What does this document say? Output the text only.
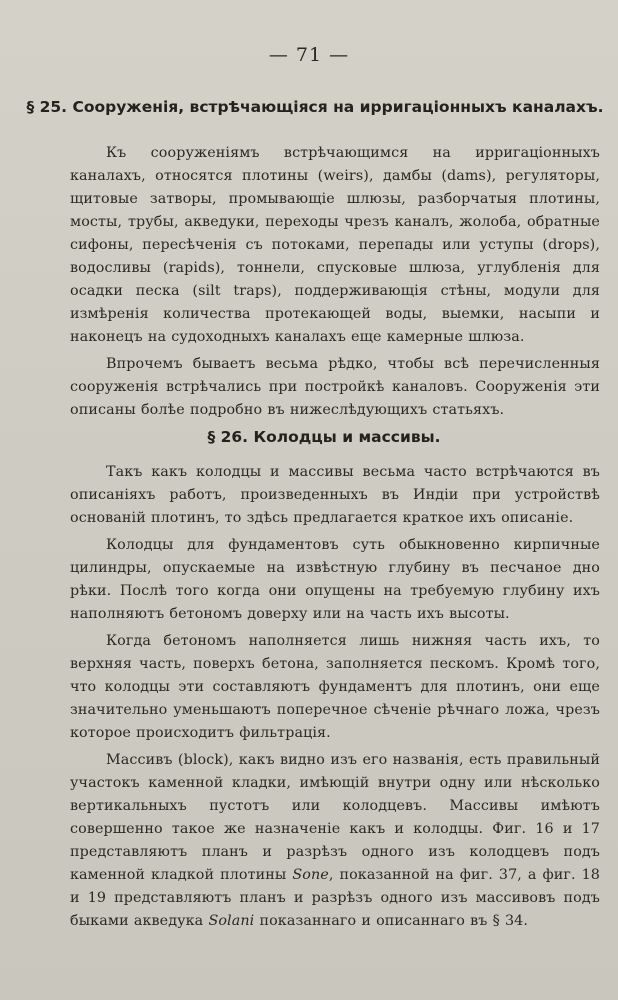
— 71 —
§ 25. Сооруженія, встрѣчающіяся на ирригаціонныхъ каналахъ.

Къ сооруженіямъ встрѣчающимся на ирригаціонныхъ каналахъ, относятся плотины (weirs), дамбы (dams), регуляторы, щитовые затворы, промывающіе шлюзы, разборчатыя плотины, мосты, трубы, акведуки, переходы чрезъ каналъ, жолоба, обратные сифоны, пересѣченія съ потоками, перепады или уступы (drops), водосливы (rapids), тоннели, спусковые шлюза, углубленія для осадки песка (silt traps), поддерживающія стѣны, модули для измѣренія количества протекающей воды, выемки, насыпи и наконецъ на судоходныхъ каналахъ еще камерные шлюза.

Впрочемъ бываетъ весьма рѣдко, чтобы всѣ перечисленныя сооруженія встрѣчались при постройкѣ каналовъ. Сооруженія эти описаны болѣе подробно въ нижеслѣдующихъ статьяхъ.

§ 26. Колодцы и массивы.

Такъ какъ колодцы и массивы весьма часто встрѣчаются въ описаніяхъ работъ, произведенныхъ въ Индіи при устройствѣ основаній плотинъ, то здѣсь предлагается краткое ихъ описаніе.

Колодцы для фундаментовъ суть обыкновенно кирпичные цилиндры, опускаемые на извѣстную глубину въ песчаное дно рѣки. Послѣ того когда они опущены на требуемую глубину ихъ наполняютъ бетономъ доверху или на часть ихъ высоты.

Когда бетономъ наполняется лишь нижняя часть ихъ, то верхняя часть, поверхъ бетона, заполняется пескомъ. Кромѣ того, что колодцы эти составляютъ фундаментъ для плотинъ, они еще значительно уменьшаютъ поперечное сѣченіе рѣчнаго ложа, чрезъ которое происходитъ фильтрація.

Массивъ (block), какъ видно изъ его названія, есть правильный участокъ каменной кладки, имѣющій внутри одну или нѣсколько вертикальныхъ пустотъ или колодцевъ. Массивы имѣютъ совершенно такое же назначеніе какъ и колодцы. Фиг. 16 и 17 представляютъ планъ и разрѣзъ одного изъ колодцевъ подъ каменной кладкой плотины Sone, показанной на фиг. 37, а фиг. 18 и 19 представляютъ планъ и разрѣзъ одного изъ массивовъ подъ быками акведука Solani показаннаго и описаннаго въ § 34.
